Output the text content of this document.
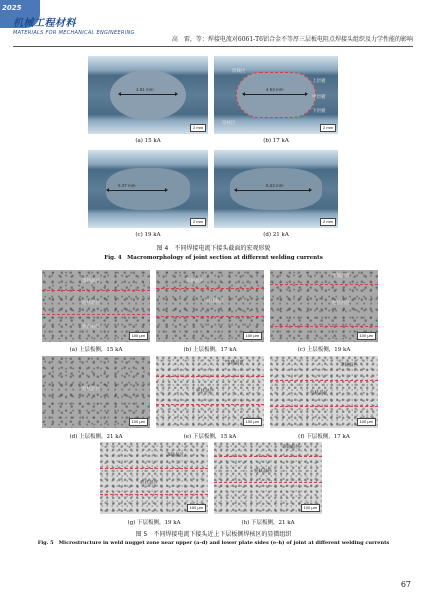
2025
机械工程材料
MATERIALS FOR MECHANICAL ENGINEERING
高　雷，等：焊接电流对6061-T6铝合金不等厚三层板电阻点焊接头组织及力学性能的影响
4.81 mm
2 mm
(a) 15 kA
4.53 mm
焊核区
上层板
中层板
下层板
母材区
2 mm
(b) 17 kA
5.37 mm
2 mm
(c) 19 kA
5.63 mm
2 mm
(d) 21 kA
图 4　不同焊接电流下接头截面的宏观形貌
Fig. 4　Macromorphology of joint section at different welding currents
等轴晶区
柱状晶区
热影响区
100 μm
(a) 上层板侧，15 kA
等轴晶区
柱状晶区
100 μm
(b) 上层板侧，17 kA
等轴晶区
柱状晶区
100 μm
(c) 上层板侧，19 kA
柱状晶区
100 μm
(d) 上层板侧，21 kA
等轴晶区
柱状晶区
100 μm
(e) 下层板侧，15 kA
等轴晶区
柱状晶区
100 μm
(f) 下层板侧，17 kA
等轴晶区
柱状晶区
100 μm
(g) 下层板侧，19 kA
等轴晶区
柱状晶区
100 μm
(h) 下层板侧，21 kA
图 5　不同焊接电流下接头近上下层板侧焊核区的显微组织
Fig. 5　Microstructure in weld nugget zone near upper (a–d) and lower plate sides (e–h) of joint at different welding currents
67
